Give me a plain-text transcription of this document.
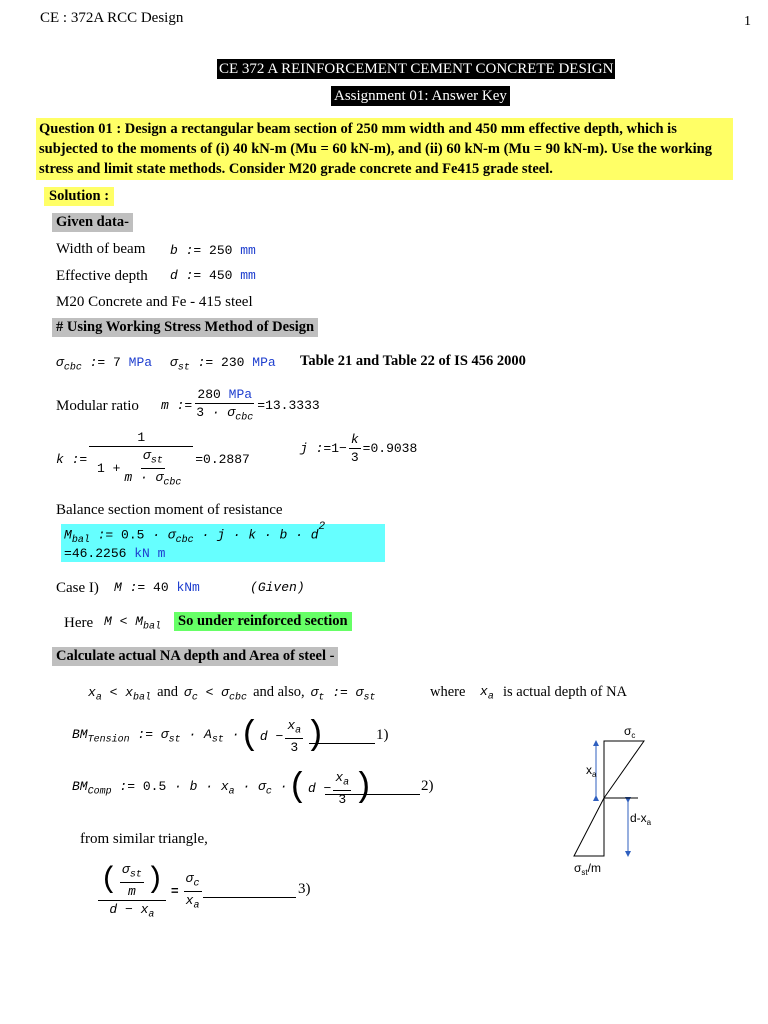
CE : 372A RCC Design	1
CE 372 A REINFORCEMENT CEMENT CONCRETE DESIGN
Assignment 01: Answer Key
Question 01 : Design a rectangular beam section of 250 mm width and 450 mm effective depth, which is subjected to the moments of (i) 40 kN-m (Mu = 60 kN-m), and (ii) 60 kN-m (Mu = 90 kN-m). Use the working stress and limit state methods. Consider M20 grade concrete and Fe415 grade steel.
Solution :
Given data-
Width of beam b := 250 mm
Effective depth d := 450 mm
M20 Concrete and Fe - 415 steel
# Using Working Stress Method of Design
$\sigma_{cbc}$ := 7 MPa $\sigma_{st}$ := 230 MPa Table 21 and Table 22 of IS 456 2000
Modular ratio m := $\frac{\text{280 MPa}}{3 \cdot \sigma_{cbc}} = 13.3333$
k := $\frac{1}{1 + \frac{\sigma_{st}}{m \cdot \sigma_{cbc}}} = 0.2887$
j := $1 - \frac{k}{3} = 0.9038$
Balance section moment of resistance
$M_{bal}$ := $0.5 \cdot \sigma_{cbc} \cdot j \cdot k \cdot b \cdot d^2 =46.2256$ kN m
Case I) M := 40 kNm	(Given)
Here $M < M_{bal}$ So under reinforced section
Calculate actual NA depth and Area of steel -
$x_a < x_{bal}$ and $\sigma_c < \sigma_{cbc}$ and also, $\sigma_t$ := $\sigma_{st}$	where $x_a$ is actual depth of NA
$BM_{Tension}$ := $\sigma_{st} \cdot A_{st}$ · ( $d - \frac{x_a}{3}$ )	1)
$BM_{Comp}$ := $0.5 \cdot b \cdot x_a \cdot \sigma_c$ · ( $d - \frac{x_a}{3}$ )	2)
from similar triangle,
$\frac{( \frac{\sigma_{st}}{m} )}{d - x_a} = \frac{\sigma_c}{x_a}$	3)
$\sigma_c$
$x_a$
$d-x_a$
$\sigma_{st}/m$
